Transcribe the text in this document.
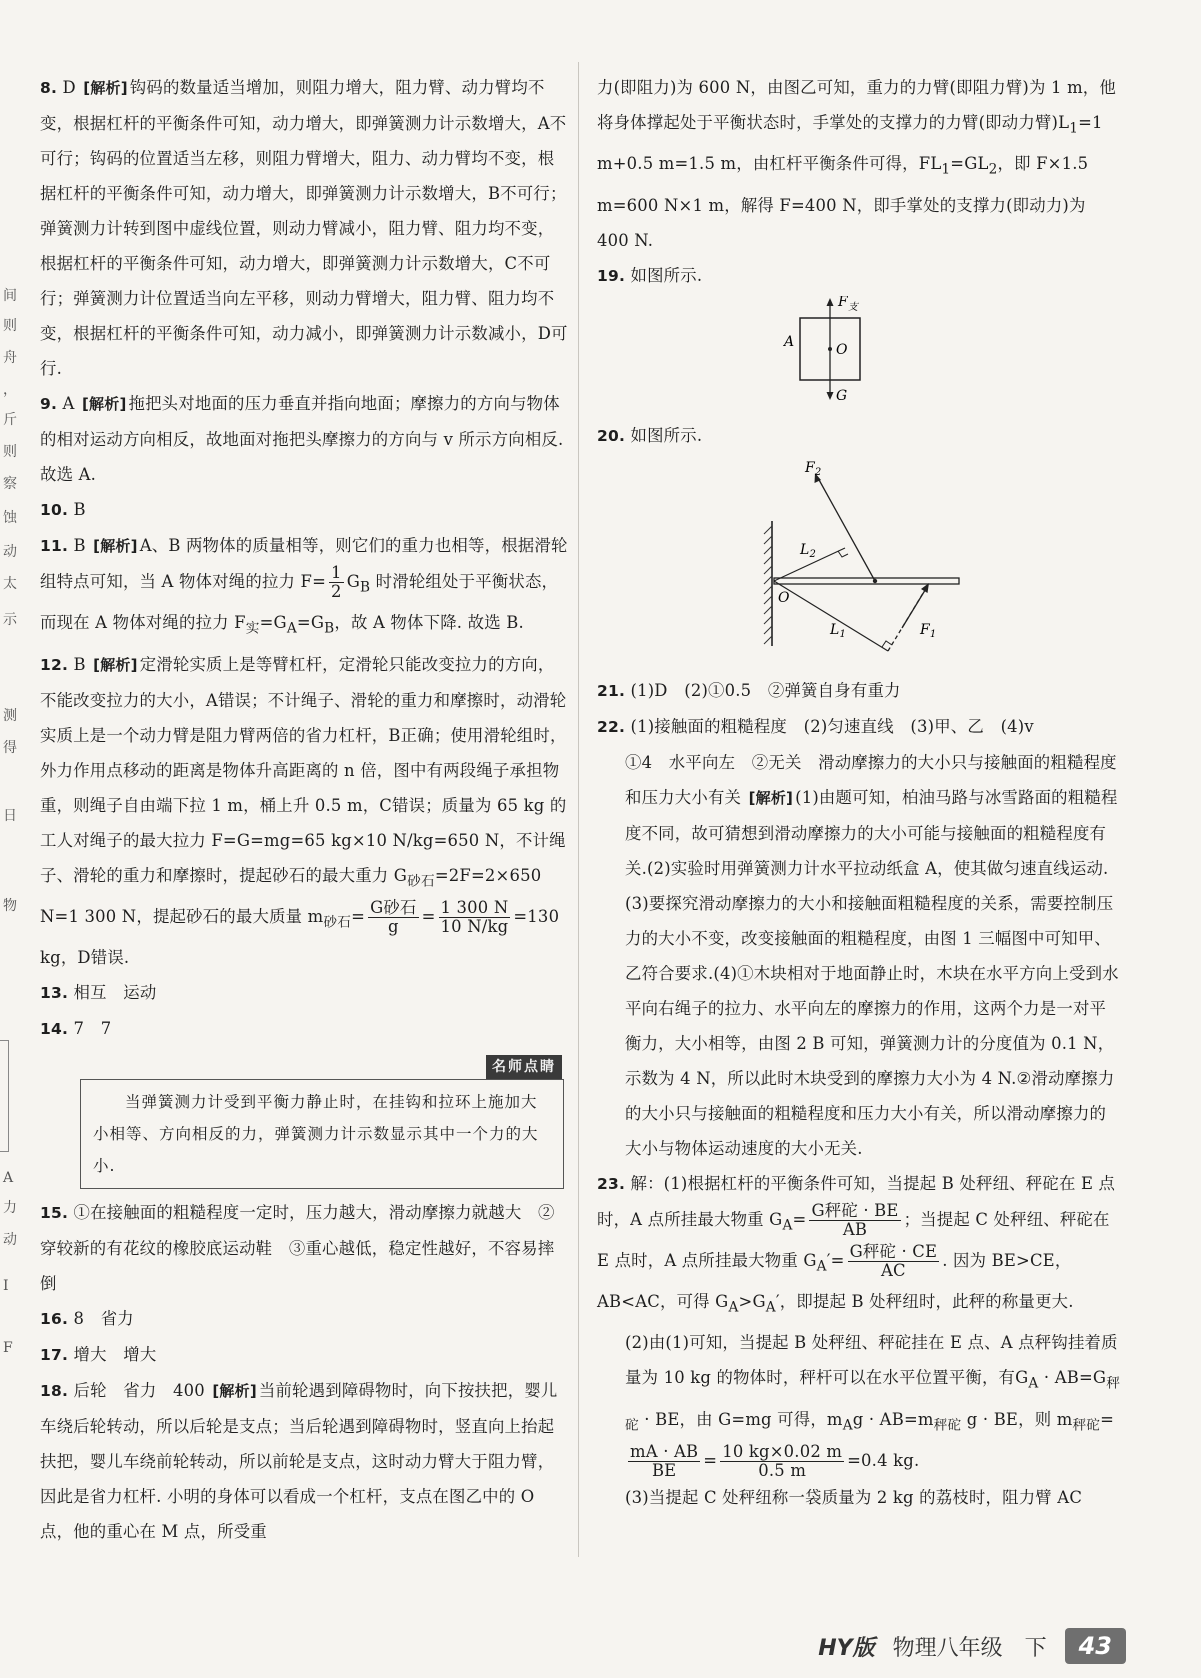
间
则
舟
，
斤
则
察
蚀
动
太
示
测
得
日
物
A
力
动
I
F

8. D [ 解析 ] 钩码的数量适当增加，则阻力增大，阻力臂、动力臂均不变，根据杠杆的平衡条件可知，动力增大，即弹簧测力计示数增大，A不可行；钩码的位置适当左移，则阻力臂增大，阻力、动力臂均不变，根据杠杆的平衡条件可知，动力增大，即弹簧测力计示数增大，B不可行；弹簧测力计转到图中虚线位置，则动力臂减小，阻力臂、阻力均不变，根据杠杆的平衡条件可知，动力增大，即弹簧测力计示数增大，C不可行；弹簧测力计位置适当向左平移，则动力臂增大，阻力臂、阻力均不变，根据杠杆的平衡条件可知，动力减小，即弹簧测力计示数减小，D可行.

9. A [ 解析 ] 拖把头对地面的压力垂直并指向地面；摩擦力的方向与物体的相对运动方向相反，故地面对拖把头摩擦力的方向与 v 所示方向相反. 故选 A.

10. B

11. B [ 解析 ] A、B 两物体的质量相等，则它们的重力也相等，根据滑轮组特点可知，当 A 物体对绳的拉力 $F= \frac{1}{2} G_B$ 时滑轮组处于平衡状态，而现在 A 物体对绳的拉力 $F_实=G_A=G_B$，故 A 物体下降. 故选 B.

12. B [ 解析 ] 定滑轮实质上是等臂杠杆，定滑轮只能改变拉力的方向，不能改变拉力的大小，A错误；不计绳子、滑轮的重力和摩擦时，动滑轮实质上是一个动力臂是阻力臂两倍的省力杠杆，B正确；使用滑轮组时，外力作用点移动的距离是物体升高距离的 n 倍，图中有两段绳子承担物重，则绳子自由端下拉 1 m，桶上升 0.5 m，C错误；质量为 65 kg 的工人对绳子的最大拉力 F=G=mg=65 kg×10 N/kg=650 N，不计绳子、滑轮的重力和摩擦时，提起砂石的最大重力 $G_{砂石}=2F=2\times 650$ N=1 300 N，提起砂石的最大质量 $m_{砂石}= \frac{\text{G砂石}}{g} = \frac{1 300 N}{10 N/kg} =130$ kg，D错误.

13. 相互　运动

14. 7　7

名师点睛
当弹簧测力计受到平衡力静止时，在挂钩和拉环上施加大小相等、方向相反的力，弹簧测力计示数显示其中一个力的大小.

15. ①在接触面的粗糙程度一定时，压力越大，滑动摩擦力就越大　②穿较新的有花纹的橡胶底运动鞋　③重心越低，稳定性越好，不容易摔倒

16. 8　省力

17. 增大　增大

18. 后轮　省力　400 [ 解析 ] 当前轮遇到障碍物时，向下按扶把，婴儿车绕后轮转动，所以后轮是支点；当后轮遇到障碍物时，竖直向上抬起扶把，婴儿车绕前轮转动，所以前轮是支点，这时动力臂大于阻力臂，因此是省力杠杆. 小明的身体可以看成一个杠杆，支点在图乙中的 O 点，他的重心在 M 点，所受重

力(即阻力)为 600 N，由图乙可知，重力的力臂(即阻力臂)为 1 m，他将身体撑起处于平衡状态时，手掌处的支撑力的力臂(即动力臂)$L_1=1$ m+0.5 m=1.5 m，由杠杆平衡条件可得，$FL_1=GL_2$，即 F×1.5 m=600 N×1 m，解得 F=400 N，即手掌处的支撑力(即动力)为 400 N.

19. 如图所示.

$F_支$
A	O
G

20. 如图所示.

$F_2$
$L_2$
O
$L_1$	$F_1$

21. (1)D　(2)①0.5　②弹簧自身有重力

22. (1)接触面的粗糙程度　(2)匀速直线　(3)甲、乙　(4)v

①4　水平向左　②无关　滑动摩擦力的大小只与接触面的粗糙程度和压力大小有关 [ 解析 ] (1)由题可知，柏油马路与冰雪路面的粗糙程度不同，故可猜想到滑动摩擦力的大小可能与接触面的粗糙程度有关.(2)实验时用弹簧测力计水平拉动纸盒 A，使其做匀速直线运动.(3)要探究滑动摩擦力的大小和接触面粗糙程度的关系，需要控制压力的大小不变，改变接触面的粗糙程度，由图 1 三幅图中可知甲、乙符合要求.(4)①木块相对于地面静止时，木块在水平方向上受到水平向右绳子的拉力、水平向左的摩擦力的作用，这两个力是一对平衡力，大小相等，由图 2 B 可知，弹簧测力计的分度值为 0.1 N，示数为 4 N，所以此时木块受到的摩擦力大小为 4 N.②滑动摩擦力的大小只与接触面的粗糙程度和压力大小有关，所以滑动摩擦力的大小与物体运动速度的大小无关.

23. 解：(1)根据杠杆的平衡条件可知，当提起 B 处秤纽、秤砣在 E 点时，A 点所挂最大物重 $G_A= \frac{\text{G秤砣 · BE}}{AB}$ ；当提起 C 处秤纽、秤砣在 E 点时，A 点所挂最大物重 $G_A'= \frac{\text{G秤砣 · CE}}{AC}$ . 因为 BE>CE，AB<AC，可得 $G_A>G_A'$，即提起 B 处秤纽时，此秤的称量更大.

(2)由(1)可知，当提起 B 处秤纽、秤砣挂在 E 点、A 点秤钩挂着质量为 10 kg 的物体时，秤杆可以在水平位置平衡，有$G_A \cdot AB=G_{秤砣}$ · BE，由 G=mg 可得，$m_Ag \cdot AB=m_{秤砣}$ g · BE，则 $m_{秤砣}=$
$\frac{mA \cdot AB}{BE} = \frac{10 kg\times 0.02 m}{0.5 m} =0.4$ kg.

(3)当提起 C 处秤纽称一袋质量为 2 kg 的荔枝时，阻力臂 AC

HY版 物理八年级　下	43
